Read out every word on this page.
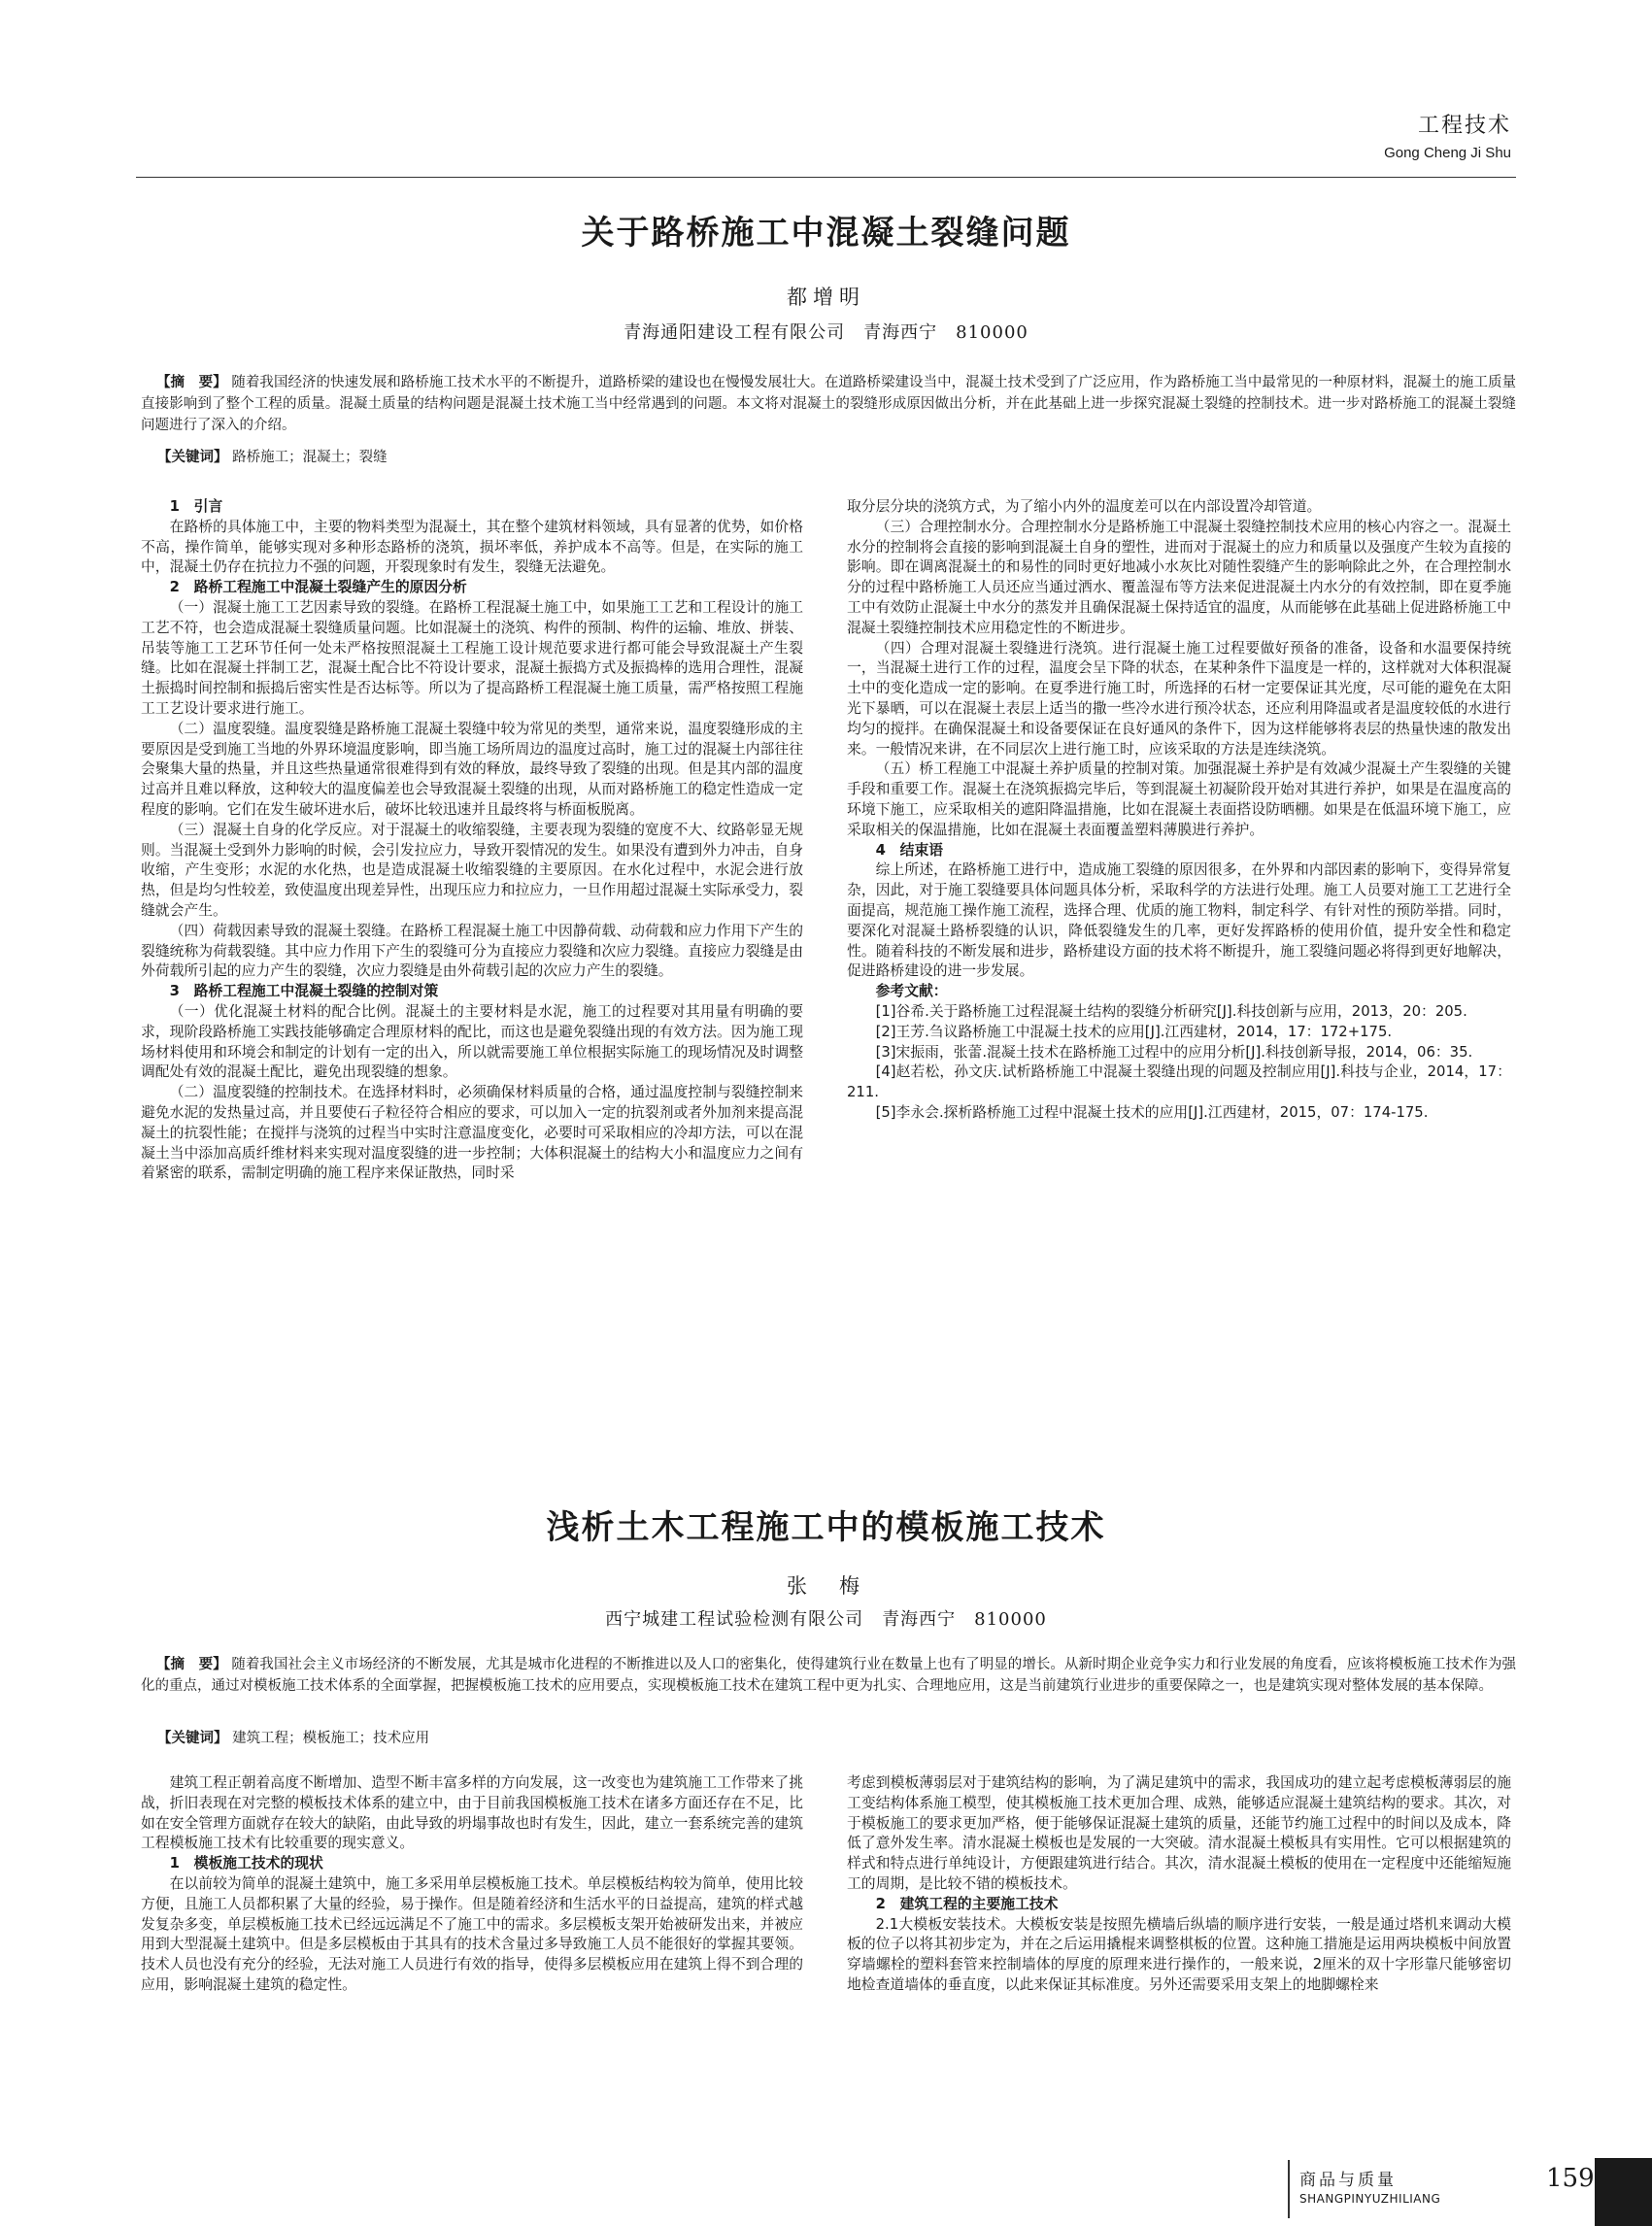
工程技术
Gong Cheng Ji Shu
关于路桥施工中混凝土裂缝问题
都增明
青海通阳建设工程有限公司　青海西宁　810000
【摘　要】 随着我国经济的快速发展和路桥施工技术水平的不断提升，道路桥梁的建设也在慢慢发展壮大。在道路桥梁建设当中，混凝土技术受到了广泛应用，作为路桥施工当中最常见的一种原材料，混凝土的施工质量直接影响到了整个工程的质量。混凝土质量的结构问题是混凝土技术施工当中经常遇到的问题。本文将对混凝土的裂缝形成原因做出分析，并在此基础上进一步探究混凝土裂缝的控制技术。进一步对路桥施工的混凝土裂缝问题进行了深入的介绍。
【关键词】 路桥施工；混凝土；裂缝

1　引言

在路桥的具体施工中，主要的物料类型为混凝土，其在整个建筑材料领域，具有显著的优势，如价格不高，操作简单，能够实现对多种形态路桥的浇筑，损坏率低，养护成本不高等。但是，在实际的施工中，混凝土仍存在抗拉力不强的问题，开裂现象时有发生，裂缝无法避免。

2　路桥工程施工中混凝土裂缝产生的原因分析

（一）混凝土施工工艺因素导致的裂缝。在路桥工程混凝土施工中，如果施工工艺和工程设计的施工工艺不符，也会造成混凝土裂缝质量问题。比如混凝土的浇筑、构件的预制、构件的运输、堆放、拼装、吊装等施工工艺环节任何一处未严格按照混凝土工程施工设计规范要求进行都可能会导致混凝土产生裂缝。比如在混凝土拌制工艺，混凝土配合比不符设计要求，混凝土振捣方式及振捣棒的选用合理性，混凝土振捣时间控制和振捣后密实性是否达标等。所以为了提高路桥工程混凝土施工质量，需严格按照工程施工工艺设计要求进行施工。

（二）温度裂缝。温度裂缝是路桥施工混凝土裂缝中较为常见的类型，通常来说，温度裂缝形成的主要原因是受到施工当地的外界环境温度影响，即当施工场所周边的温度过高时，施工过的混凝土内部往往会聚集大量的热量，并且这些热量通常很难得到有效的释放，最终导致了裂缝的出现。但是其内部的温度过高并且难以释放，这种较大的温度偏差也会导致混凝土裂缝的出现，从而对路桥施工的稳定性造成一定程度的影响。它们在发生破坏进水后，破坏比较迅速并且最终将与桥面板脱离。

（三）混凝土自身的化学反应。对于混凝土的收缩裂缝，主要表现为裂缝的宽度不大、纹路彰显无规则。当混凝土受到外力影响的时候，会引发拉应力，导致开裂情况的发生。如果没有遭到外力冲击，自身收缩，产生变形；水泥的水化热，也是造成混凝土收缩裂缝的主要原因。在水化过程中，水泥会进行放热，但是均匀性较差，致使温度出现差异性，出现压应力和拉应力，一旦作用超过混凝土实际承受力，裂缝就会产生。

（四）荷载因素导致的混凝土裂缝。在路桥工程混凝土施工中因静荷载、动荷载和应力作用下产生的裂缝统称为荷载裂缝。其中应力作用下产生的裂缝可分为直接应力裂缝和次应力裂缝。直接应力裂缝是由外荷载所引起的应力产生的裂缝，次应力裂缝是由外荷载引起的次应力产生的裂缝。

3　路桥工程施工中混凝土裂缝的控制对策

（一）优化混凝土材料的配合比例。混凝土的主要材料是水泥，施工的过程要对其用量有明确的要求，现阶段路桥施工实践技能够确定合理原材料的配比，而这也是避免裂缝出现的有效方法。因为施工现场材料使用和环境会和制定的计划有一定的出入，所以就需要施工单位根据实际施工的现场情况及时调整调配处有效的混凝土配比，避免出现裂缝的想象。

（二）温度裂缝的控制技术。在选择材料时，必须确保材料质量的合格，通过温度控制与裂缝控制来避免水泥的发热量过高，并且要使石子粒径符合相应的要求，可以加入一定的抗裂剂或者外加剂来提高混凝土的抗裂性能；在搅拌与浇筑的过程当中实时注意温度变化，必要时可采取相应的冷却方法，可以在混凝土当中添加高质纤维材料来实现对温度裂缝的进一步控制；大体积混凝土的结构大小和温度应力之间有着紧密的联系，需制定明确的施工程序来保证散热，同时采

取分层分块的浇筑方式，为了缩小内外的温度差可以在内部设置冷却管道。

（三）合理控制水分。合理控制水分是路桥施工中混凝土裂缝控制技术应用的核心内容之一。混凝土水分的控制将会直接的影响到混凝土自身的塑性，进而对于混凝土的应力和质量以及强度产生较为直接的影响。即在调离混凝土的和易性的同时更好地减小水灰比对随性裂缝产生的影响除此之外，在合理控制水分的过程中路桥施工人员还应当通过洒水、覆盖湿布等方法来促进混凝土内水分的有效控制，即在夏季施工中有效防止混凝土中水分的蒸发并且确保混凝土保持适宜的温度，从而能够在此基础上促进路桥施工中混凝土裂缝控制技术应用稳定性的不断进步。

（四）合理对混凝土裂缝进行浇筑。进行混凝土施工过程要做好预备的准备，设备和水温要保持统一，当混凝土进行工作的过程，温度会呈下降的状态，在某种条件下温度是一样的，这样就对大体积混凝土中的变化造成一定的影响。在夏季进行施工时，所选择的石材一定要保证其光度，尽可能的避免在太阳光下暴晒，可以在混凝土表层上适当的撒一些冷水进行预冷状态，还应利用降温或者是温度较低的水进行均匀的搅拌。在确保混凝土和设备要保证在良好通风的条件下，因为这样能够将表层的热量快速的散发出来。一般情况来讲，在不同层次上进行施工时，应该采取的方法是连续浇筑。

（五）桥工程施工中混凝土养护质量的控制对策。加强混凝土养护是有效减少混凝土产生裂缝的关键手段和重要工作。混凝土在浇筑振捣完毕后，等到混凝土初凝阶段开始对其进行养护，如果是在温度高的环境下施工，应采取相关的遮阳降温措施，比如在混凝土表面搭设防晒棚。如果是在低温环境下施工，应采取相关的保温措施，比如在混凝土表面覆盖塑料薄膜进行养护。

4　结束语

综上所述，在路桥施工进行中，造成施工裂缝的原因很多，在外界和内部因素的影响下，变得异常复杂，因此，对于施工裂缝要具体问题具体分析，采取科学的方法进行处理。施工人员要对施工工艺进行全面提高，规范施工操作施工流程，选择合理、优质的施工物料，制定科学、有针对性的预防举措。同时，要深化对混凝土路桥裂缝的认识，降低裂缝发生的几率，更好发挥路桥的使用价值，提升安全性和稳定性。随着科技的不断发展和进步，路桥建设方面的技术将不断提升，施工裂缝问题必将得到更好地解决，促进路桥建设的进一步发展。

参考文献：

[1]谷希.关于路桥施工过程混凝土结构的裂缝分析研究[J].科技创新与应用，2013，20：205.

[2]王芳.刍议路桥施工中混凝土技术的应用[J].江西建材，2014，17：172+175.

[3]宋振雨，张蕾.混凝土技术在路桥施工过程中的应用分析[J].科技创新导报，2014，06：35.

[4]赵若松，孙文庆.试析路桥施工中混凝土裂缝出现的问题及控制应用[J].科技与企业，2014，17：211.

[5]李永会.探析路桥施工过程中混凝土技术的应用[J].江西建材，2015，07：174-175.

浅析土木工程施工中的模板施工技术
张　梅
西宁城建工程试验检测有限公司　青海西宁　810000
【摘　要】 随着我国社会主义市场经济的不断发展，尤其是城市化进程的不断推进以及人口的密集化，使得建筑行业在数量上也有了明显的增长。从新时期企业竞争实力和行业发展的角度看，应该将模板施工技术作为强化的重点，通过对模板施工技术体系的全面掌握，把握模板施工技术的应用要点，实现模板施工技术在建筑工程中更为扎实、合理地应用，这是当前建筑行业进步的重要保障之一，也是建筑实现对整体发展的基本保障。
【关键词】 建筑工程；模板施工；技术应用

建筑工程正朝着高度不断增加、造型不断丰富多样的方向发展，这一改变也为建筑施工工作带来了挑战，折旧表现在对完整的模板技术体系的建立中，由于目前我国模板施工技术在诸多方面还存在不足，比如在安全管理方面就存在较大的缺陷，由此导致的坍塌事故也时有发生，因此，建立一套系统完善的建筑工程模板施工技术有比较重要的现实意义。

1　模板施工技术的现状

在以前较为简单的混凝土建筑中，施工多采用单层模板施工技术。单层模板结构较为简单，使用比较方便，且施工人员都积累了大量的经验，易于操作。但是随着经济和生活水平的日益提高，建筑的样式越发复杂多变，单层模板施工技术已经远远满足不了施工中的需求。多层模板支架开始被研发出来，并被应用到大型混凝土建筑中。但是多层模板由于其具有的技术含量过多导致施工人员不能很好的掌握其要领。技术人员也没有充分的经验，无法对施工人员进行有效的指导，使得多层模板应用在建筑上得不到合理的应用，影响混凝土建筑的稳定性。

考虑到模板薄弱层对于建筑结构的影响，为了满足建筑中的需求，我国成功的建立起考虑模板薄弱层的施工变结构体系施工模型，使其模板施工技术更加合理、成熟，能够适应混凝土建筑结构的要求。其次，对于模板施工的要求更加严格，便于能够保证混凝土建筑的质量，还能节约施工过程中的时间以及成本，降低了意外发生率。清水混凝土模板也是发展的一大突破。清水混凝土模板具有实用性。它可以根据建筑的样式和特点进行单纯设计，方便跟建筑进行结合。其次，清水混凝土模板的使用在一定程度中还能缩短施工的周期，是比较不错的模板技术。

2　建筑工程的主要施工技术

2.1大模板安装技术。大模板安装是按照先横墙后纵墙的顺序进行安装，一般是通过塔机来调动大模板的位子以将其初步定为，并在之后运用撬棍来调整棋板的位置。这种施工措施是运用两块模板中间放置穿墙螺栓的塑料套管来控制墙体的厚度的原理来进行操作的，一般来说，2厘米的双十字形靠尺能够密切地检查道墙体的垂直度，以此来保证其标准度。另外还需要采用支架上的地脚螺栓来

商品与质量
SHANGPINYUZHILIANG
159
